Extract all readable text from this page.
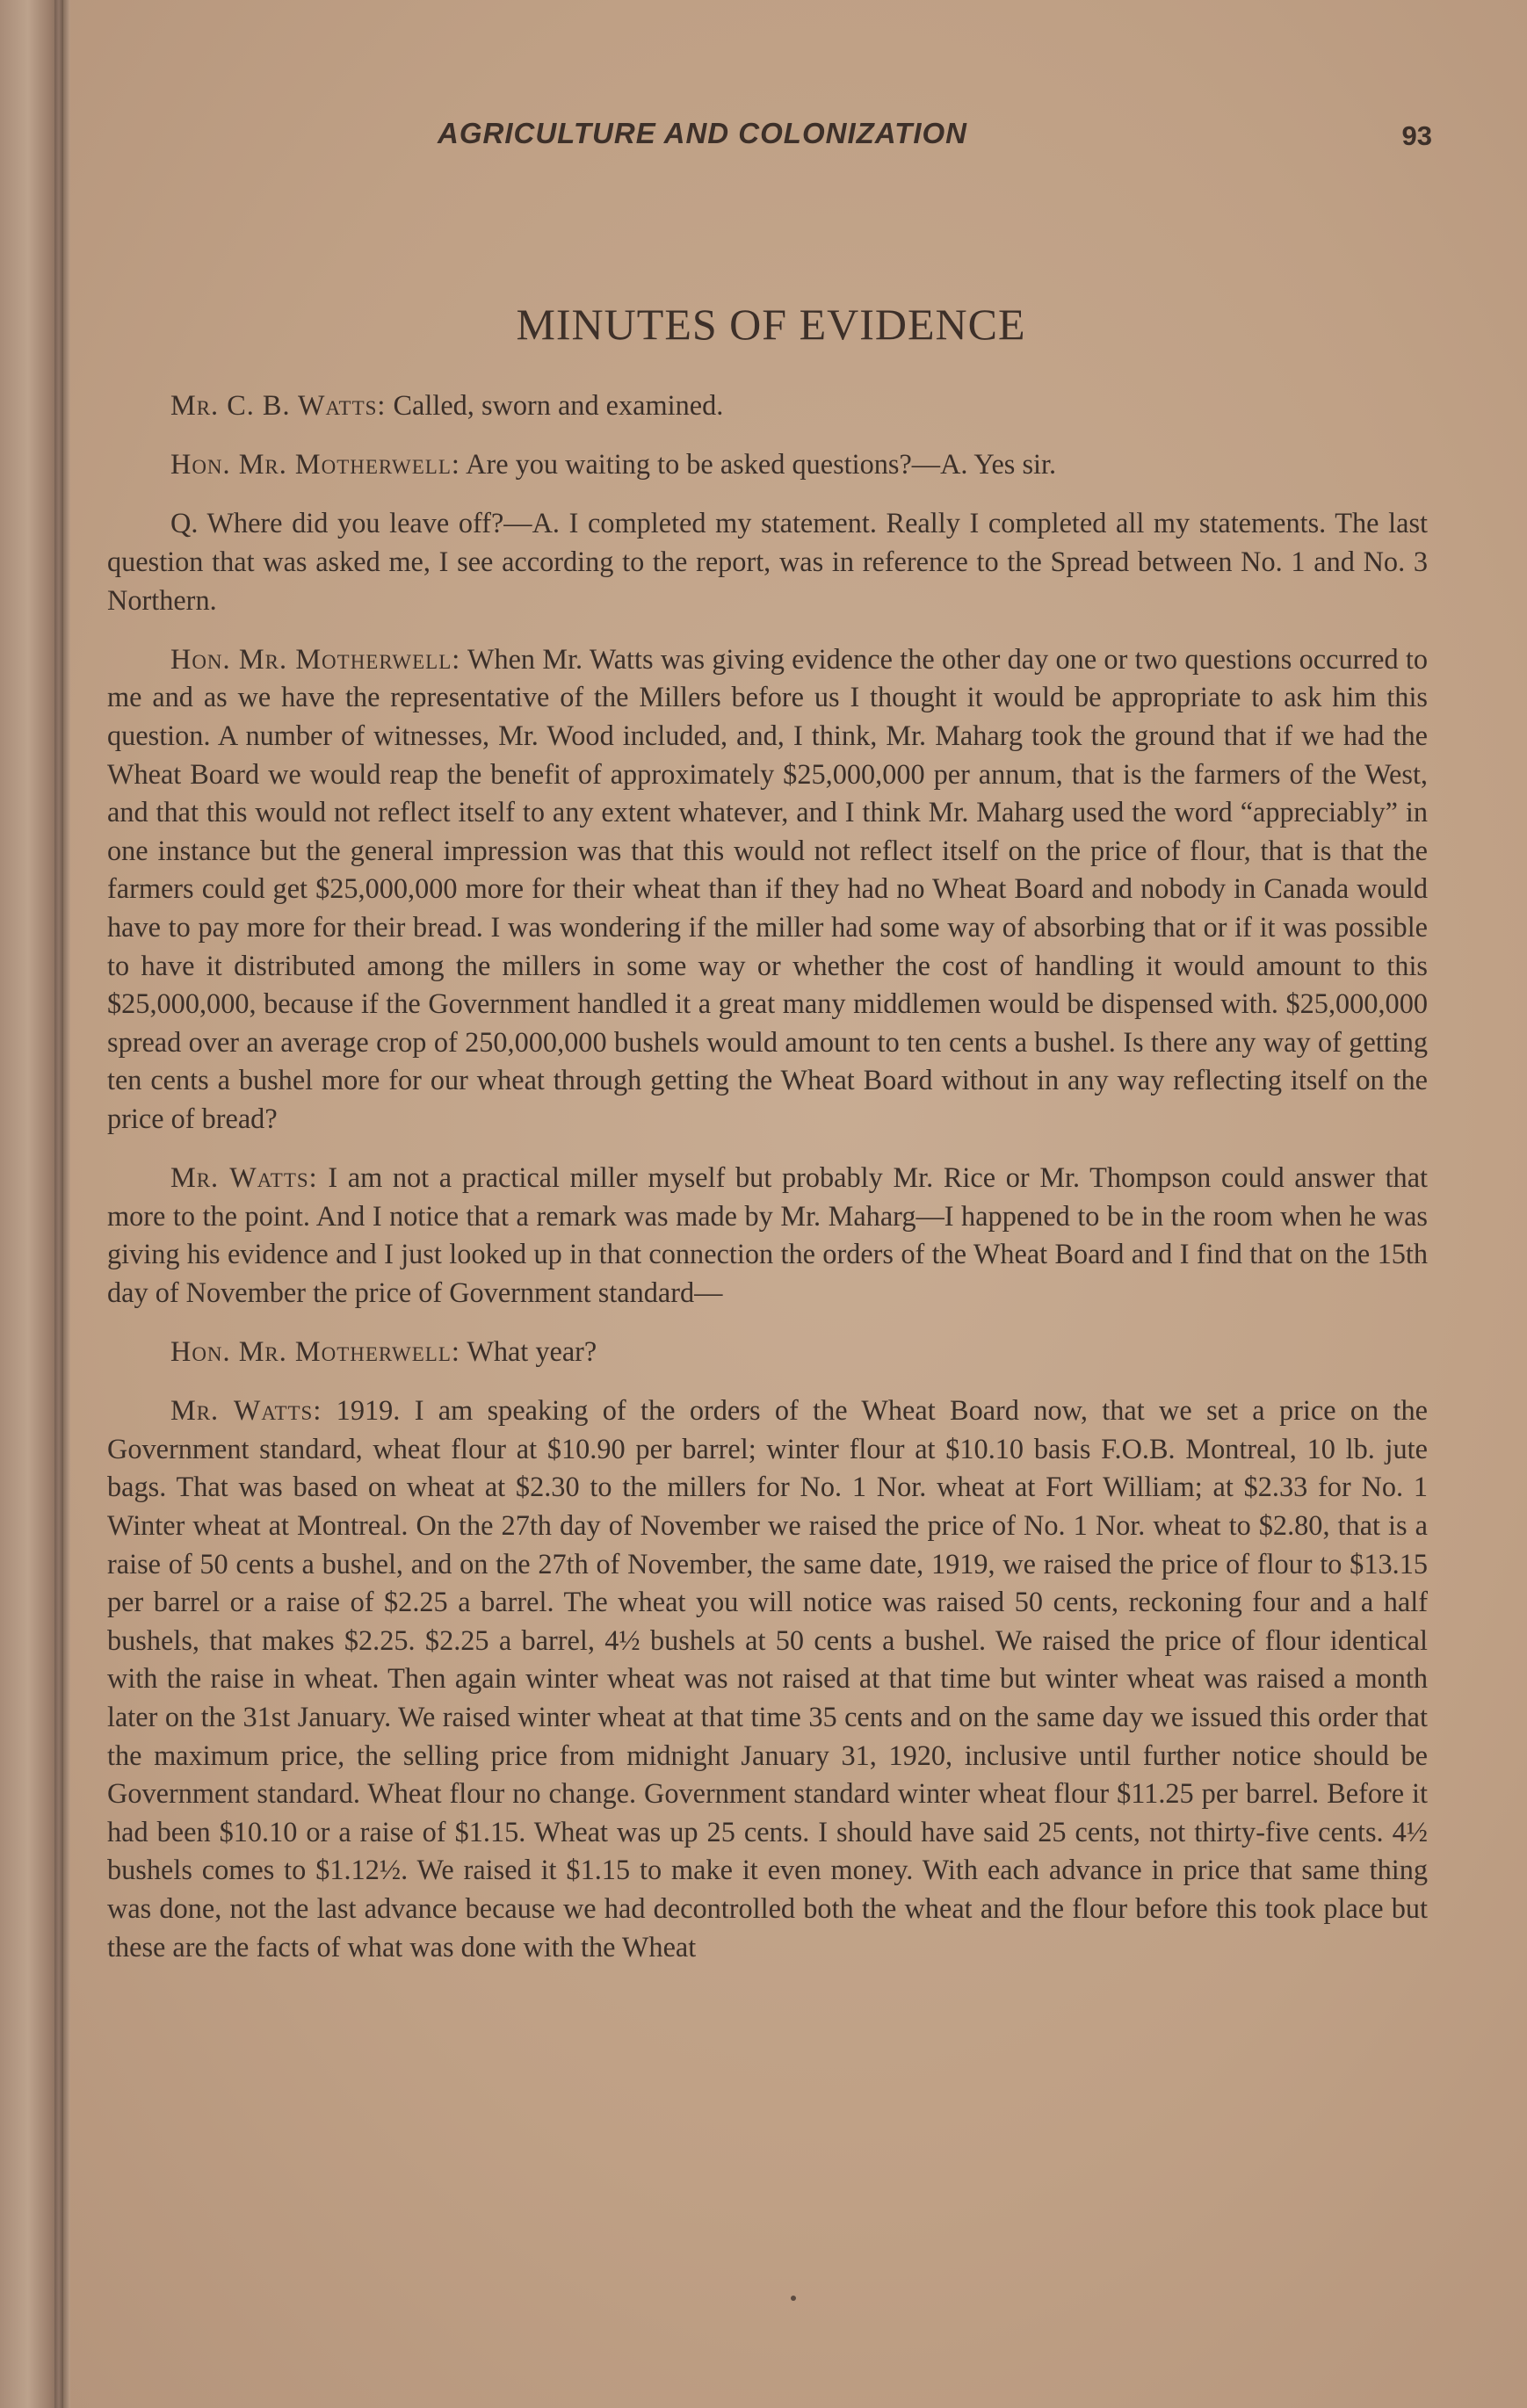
AGRICULTURE AND COLONIZATION	93
MINUTES OF EVIDENCE

Mr. C. B. Watts: Called, sworn and examined.

Hon. Mr. Motherwell: Are you waiting to be asked questions?—A. Yes sir.

Q. Where did you leave off?—A. I completed my statement. Really I completed all my statements. The last question that was asked me, I see according to the report, was in reference to the Spread between No. 1 and No. 3 Northern.

Hon. Mr. Motherwell: When Mr. Watts was giving evidence the other day one or two questions occurred to me and as we have the representative of the Millers before us I thought it would be appropriate to ask him this question. A number of witnesses, Mr. Wood included, and, I think, Mr. Maharg took the ground that if we had the Wheat Board we would reap the benefit of approximately $25,000,000 per annum, that is the farmers of the West, and that this would not reflect itself to any extent whatever, and I think Mr. Maharg used the word “appreciably” in one instance but the general impression was that this would not reflect itself on the price of flour, that is that the farmers could get $25,000,000 more for their wheat than if they had no Wheat Board and nobody in Canada would have to pay more for their bread. I was wondering if the miller had some way of absorbing that or if it was possible to have it distributed among the millers in some way or whether the cost of handling it would amount to this $25,000,000, because if the Government handled it a great many middlemen would be dispensed with. $25,000,000 spread over an average crop of 250,000,000 bushels would amount to ten cents a bushel. Is there any way of getting ten cents a bushel more for our wheat through getting the Wheat Board without in any way reflecting itself on the price of bread?

Mr. Watts: I am not a practical miller myself but probably Mr. Rice or Mr. Thompson could answer that more to the point. And I notice that a remark was made by Mr. Maharg—I happened to be in the room when he was giving his evidence and I just looked up in that connection the orders of the Wheat Board and I find that on the 15th day of November the price of Government standard—

Hon. Mr. Motherwell: What year?

Mr. Watts: 1919. I am speaking of the orders of the Wheat Board now, that we set a price on the Government standard, wheat flour at $10.90 per barrel; winter flour at $10.10 basis F.O.B. Montreal, 10 lb. jute bags. That was based on wheat at $2.30 to the millers for No. 1 Nor. wheat at Fort William; at $2.33 for No. 1 Winter wheat at Montreal. On the 27th day of November we raised the price of No. 1 Nor. wheat to $2.80, that is a raise of 50 cents a bushel, and on the 27th of November, the same date, 1919, we raised the price of flour to $13.15 per barrel or a raise of $2.25 a barrel. The wheat you will notice was raised 50 cents, reckoning four and a half bushels, that makes $2.25. $2.25 a barrel, 4½ bushels at 50 cents a bushel. We raised the price of flour identical with the raise in wheat. Then again winter wheat was not raised at that time but winter wheat was raised a month later on the 31st January. We raised winter wheat at that time 35 cents and on the same day we issued this order that the maximum price, the selling price from midnight January 31, 1920, inclusive until further notice should be Government standard. Wheat flour no change. Government standard winter wheat flour $11.25 per barrel. Before it had been $10.10 or a raise of $1.15. Wheat was up 25 cents. I should have said 25 cents, not thirty-five cents. 4½ bushels comes to $1.12½. We raised it $1.15 to make it even money. With each advance in price that same thing was done, not the last advance because we had decontrolled both the wheat and the flour before this took place but these are the facts of what was done with the Wheat
